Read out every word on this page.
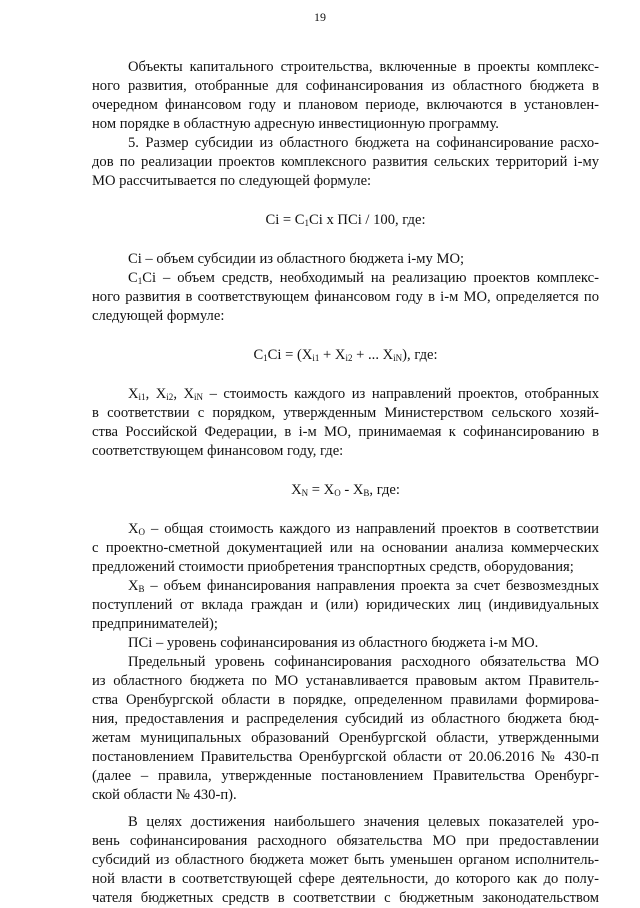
19

Объекты капитального строительства, включенные в проекты комплекс-
ного развития, отобранные для софинансирования из областного бюджета в
очередном финансовом году и плановом периоде, включаются в установлен-
ном порядке в областную адресную инвестиционную программу.

5. Размер субсидии из областного бюджета на софинансирование расхо-
дов по реализации проектов комплексного развития сельских территорий i-му
МО рассчитывается по следующей формуле:

Сi = $С_1Сi$ х ПСi / 100, где:

Сi – объем субсидии из областного бюджета i-му МО;

$С_1Сi$ – объем средств, необходимый на реализацию проектов комплекс-
ного развития в соответствующем финансовом году в i-м МО, определяется по
следующей формуле:

$С_1Сi = (Х_{i1} + Х_{i2}$ + ... $Х_{iN}$), где:

$Х_{i1}$, $Х_{i2}$, $Х_{iN}$ – стоимость каждого из направлений проектов, отобранных
в соответствии с порядком, утвержденным Министерством сельского хозяй-
ства Российской Федерации, в i-м МО, принимаемая к софинансированию в
соответствующем финансовом году, где:

$Х_N = Х_О - Х_В$, где:

$Х_О$ – общая стоимость каждого из направлений проектов в соответствии
с проектно-сметной документацией или на основании анализа коммерческих
предложений стоимости приобретения транспортных средств, оборудования;

$Х_В$ – объем финансирования направления проекта за счет безвозмездных
поступлений от вклада граждан и (или) юридических лиц (индивидуальных
предпринимателей);

ПСi – уровень софинансирования из областного бюджета i-м МО.

Предельный уровень софинансирования расходного обязательства МО
из областного бюджета по МО устанавливается правовым актом Правитель-
ства Оренбургской области в порядке, определенном правилами формирова-
ния, предоставления и распределения субсидий из областного бюджета бюд-
жетам муниципальных образований Оренбургской области, утвержденными
постановлением Правительства Оренбургской области от 20.06.2016 № 430-п
(далее – правила, утвержденные постановлением Правительства Оренбург-
ской области № 430-п).

В целях достижения наибольшего значения целевых показателей уро-
вень софинансирования расходного обязательства МО при предоставлении
субсидий из областного бюджета может быть уменьшен органом исполнитель-
ной власти в соответствующей сфере деятельности, до которого как до полу-
чателя бюджетных средств в соответствии с бюджетным законодательством
